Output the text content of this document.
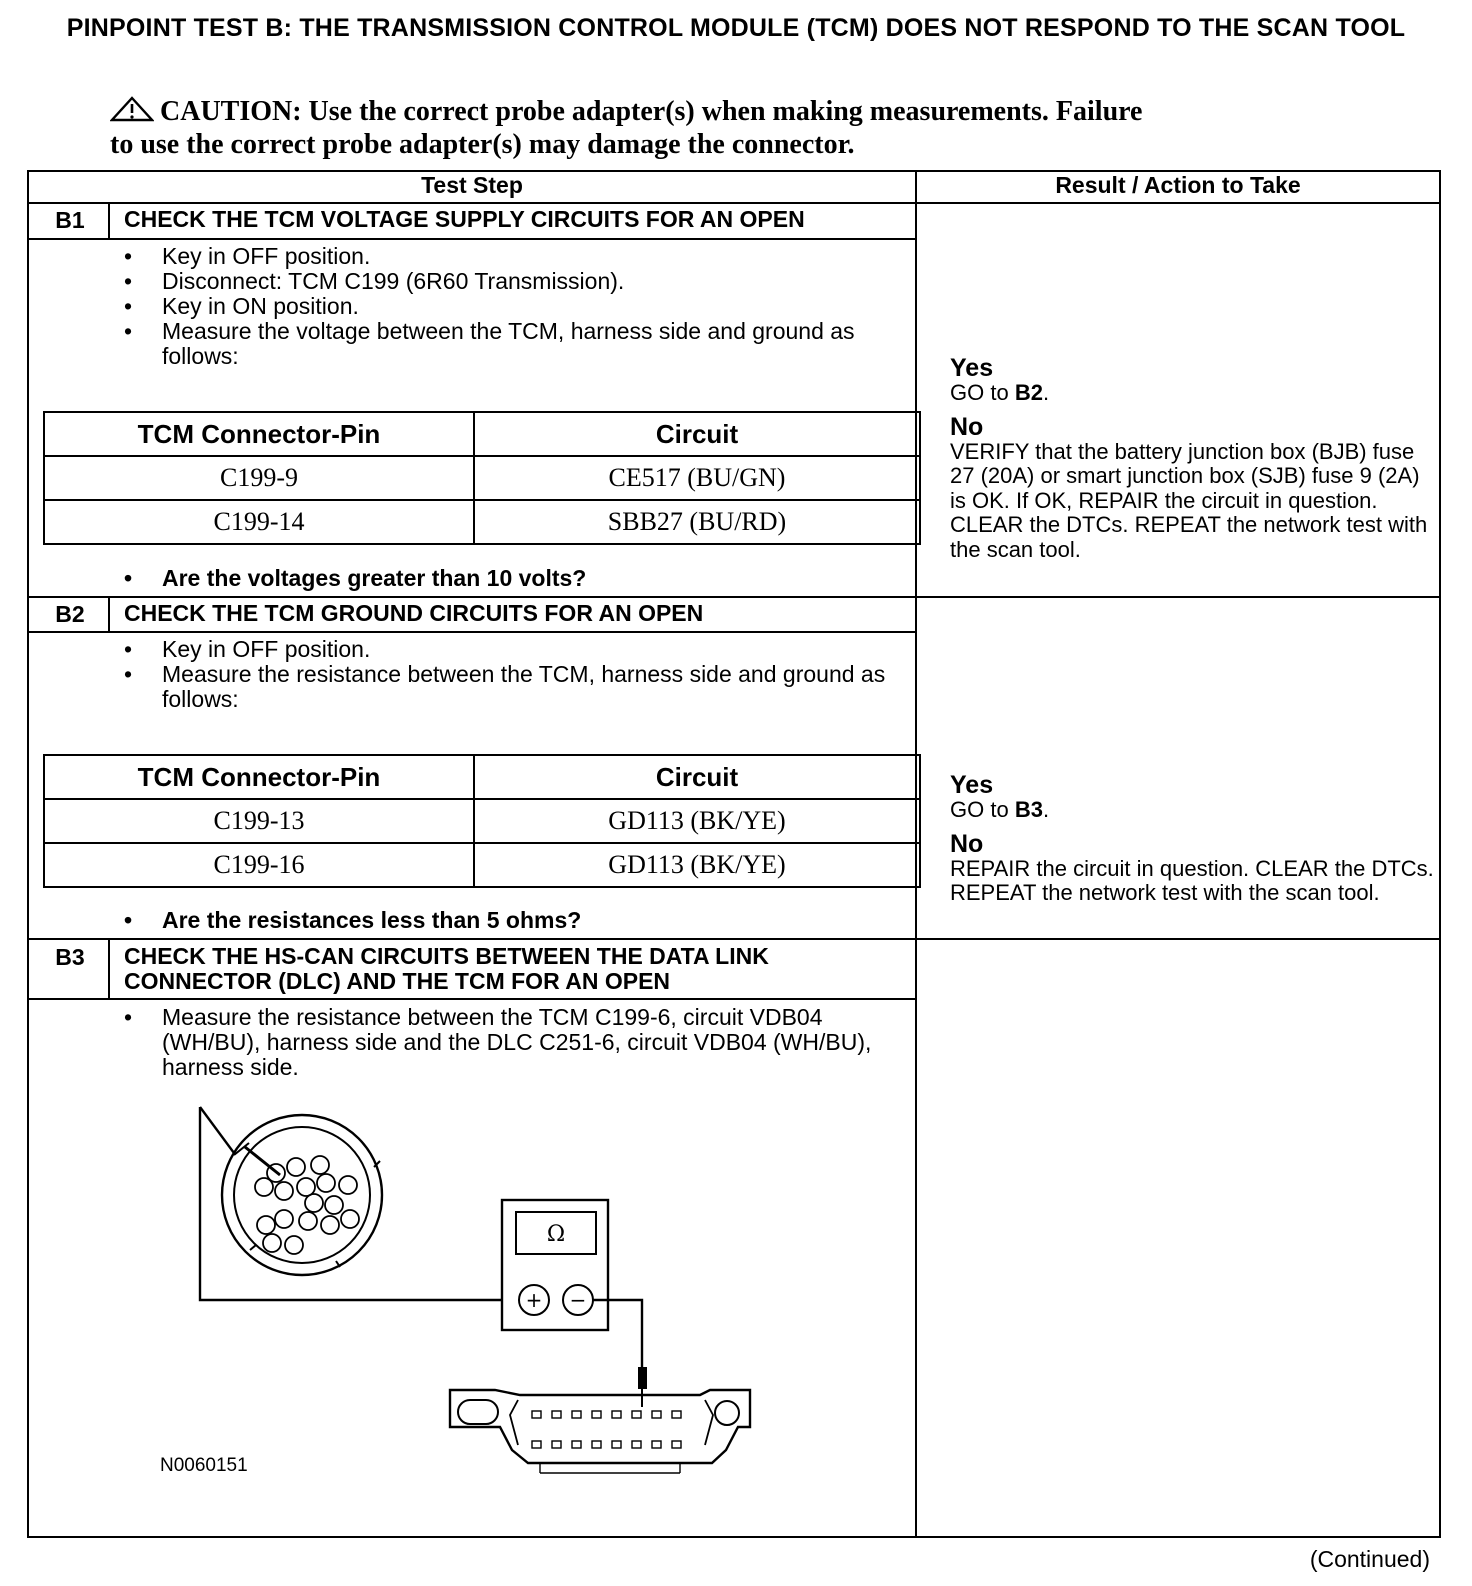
PINPOINT TEST B: THE TRANSMISSION CONTROL MODULE (TCM) DOES NOT RESPOND TO THE SCAN TOOL
CAUTION: Use the correct probe adapter(s) when making measurements. Failure
to use the correct probe adapter(s) may damage the connector.
Test Step	Result / Action to Take
B1	CHECK THE TCM VOLTAGE SUPPLY CIRCUITS FOR AN OPEN
• Key in OFF position.
• Disconnect: TCM C199 (6R60 Transmission).
• Key in ON position.
• Measure the voltage between the TCM, harness side and ground as follows:
TCM Connector-Pin	Circuit
C199-9	CE517 (BU/GN)
C199-14	SBB27 (BU/RD)
• Are the voltages greater than 10 volts?
Yes
GO to B2.
No
VERIFY that the battery junction box (BJB) fuse 27 (20A) or smart junction box (SJB) fuse 9 (2A) is OK. If OK, REPAIR the circuit in question. CLEAR the DTCs. REPEAT the network test with the scan tool.
B2	CHECK THE TCM GROUND CIRCUITS FOR AN OPEN
• Key in OFF position.
• Measure the resistance between the TCM, harness side and ground as follows:
TCM Connector-Pin	Circuit
C199-13	GD113 (BK/YE)
C199-16	GD113 (BK/YE)
• Are the resistances less than 5 ohms?
Yes
GO to B3.
No
REPAIR the circuit in question. CLEAR the DTCs. REPEAT the network test with the scan tool.
B3	CHECK THE HS-CAN CIRCUITS BETWEEN THE DATA LINK CONNECTOR (DLC) AND THE TCM FOR AN OPEN
• Measure the resistance between the TCM C199-6, circuit VDB04 (WH/BU), harness side and the DLC C251-6, circuit VDB04 (WH/BU), harness side.
Ω
+ −
N0060151
(Continued)
